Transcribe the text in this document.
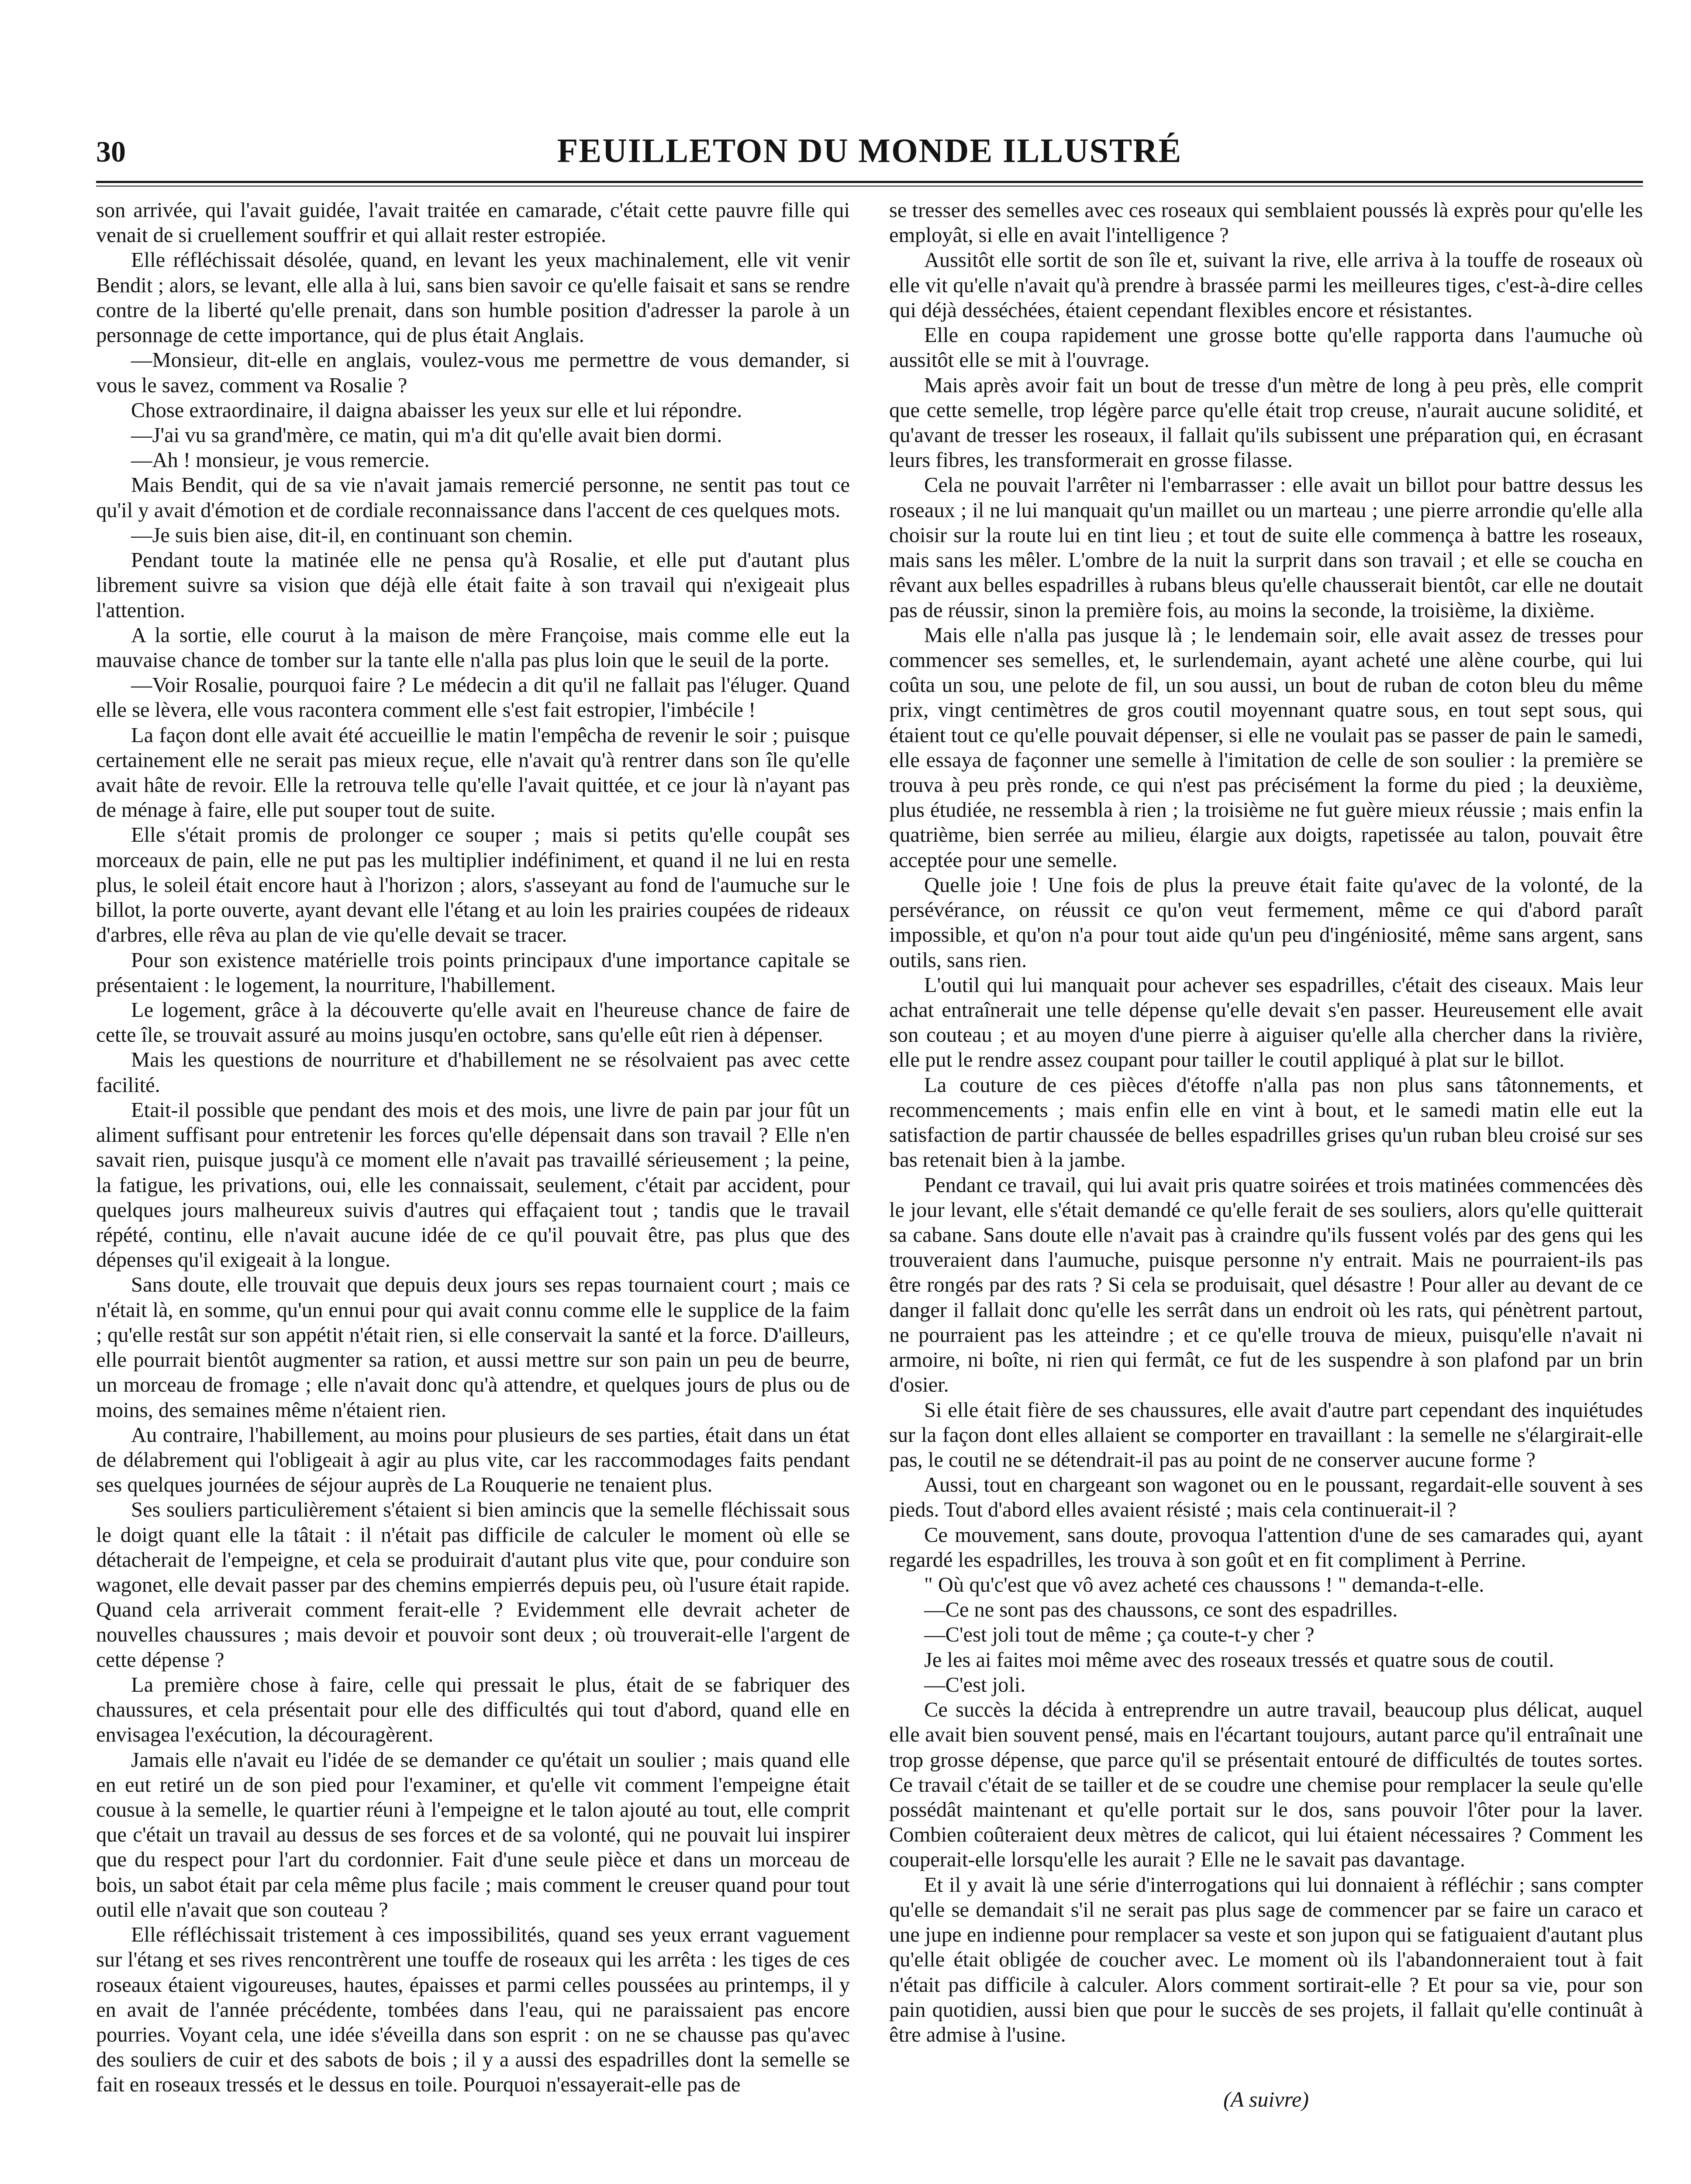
30	FEUILLETON DU MONDE ILLUSTRÉ

son arrivée, qui l'avait guidée, l'avait traitée en camarade, c'était cette pauvre fille qui venait de si cruellement souffrir et qui allait rester estropiée.

Elle réfléchissait désolée, quand, en levant les yeux machinalement, elle vit venir Bendit ; alors, se levant, elle alla à lui, sans bien savoir ce qu'elle faisait et sans se rendre contre de la liberté qu'elle prenait, dans son humble position d'adresser la parole à un personnage de cette importance, qui de plus était Anglais.

—Monsieur, dit-elle en anglais, voulez-vous me permettre de vous demander, si vous le savez, comment va Rosalie ?

Chose extraordinaire, il daigna abaisser les yeux sur elle et lui répondre.

—J'ai vu sa grand'mère, ce matin, qui m'a dit qu'elle avait bien dormi.

—Ah ! monsieur, je vous remercie.

Mais Bendit, qui de sa vie n'avait jamais remercié personne, ne sentit pas tout ce qu'il y avait d'émotion et de cordiale reconnaissance dans l'accent de ces quelques mots.

—Je suis bien aise, dit-il, en continuant son chemin.

Pendant toute la matinée elle ne pensa qu'à Rosalie, et elle put d'autant plus librement suivre sa vision que déjà elle était faite à son travail qui n'exigeait plus l'attention.

A la sortie, elle courut à la maison de mère Françoise, mais comme elle eut la mauvaise chance de tomber sur la tante elle n'alla pas plus loin que le seuil de la porte.

—Voir Rosalie, pourquoi faire ? Le médecin a dit qu'il ne fallait pas l'éluger. Quand elle se lèvera, elle vous racontera comment elle s'est fait estropier, l'imbécile !

La façon dont elle avait été accueillie le matin l'empêcha de revenir le soir ; puisque certainement elle ne serait pas mieux reçue, elle n'avait qu'à rentrer dans son île qu'elle avait hâte de revoir. Elle la retrouva telle qu'elle l'avait quittée, et ce jour là n'ayant pas de ménage à faire, elle put souper tout de suite.

Elle s'était promis de prolonger ce souper ; mais si petits qu'elle coupât ses morceaux de pain, elle ne put pas les multiplier indéfiniment, et quand il ne lui en resta plus, le soleil était encore haut à l'horizon ; alors, s'asseyant au fond de l'aumuche sur le billot, la porte ouverte, ayant devant elle l'étang et au loin les prairies coupées de rideaux d'arbres, elle rêva au plan de vie qu'elle devait se tracer.

Pour son existence matérielle trois points principaux d'une importance capitale se présentaient : le logement, la nourriture, l'habillement.

Le logement, grâce à la découverte qu'elle avait en l'heureuse chance de faire de cette île, se trouvait assuré au moins jusqu'en octobre, sans qu'elle eût rien à dépenser.

Mais les questions de nourriture et d'habillement ne se résolvaient pas avec cette facilité.

Etait-il possible que pendant des mois et des mois, une livre de pain par jour fût un aliment suffisant pour entretenir les forces qu'elle dépensait dans son travail ? Elle n'en savait rien, puisque jusqu'à ce moment elle n'avait pas travaillé sérieusement ; la peine, la fatigue, les privations, oui, elle les connaissait, seulement, c'était par accident, pour quelques jours malheureux suivis d'autres qui effaçaient tout ; tandis que le travail répété, continu, elle n'avait aucune idée de ce qu'il pouvait être, pas plus que des dépenses qu'il exigeait à la longue.

Sans doute, elle trouvait que depuis deux jours ses repas tournaient court ; mais ce n'était là, en somme, qu'un ennui pour qui avait connu comme elle le supplice de la faim ; qu'elle restât sur son appétit n'était rien, si elle conservait la santé et la force. D'ailleurs, elle pourrait bientôt augmenter sa ration, et aussi mettre sur son pain un peu de beurre, un morceau de fromage ; elle n'avait donc qu'à attendre, et quelques jours de plus ou de moins, des semaines même n'étaient rien.

Au contraire, l'habillement, au moins pour plusieurs de ses parties, était dans un état de délabrement qui l'obligeait à agir au plus vite, car les raccommodages faits pendant ses quelques journées de séjour auprès de La Rouquerie ne tenaient plus.

Ses souliers particulièrement s'étaient si bien amincis que la semelle fléchissait sous le doigt quant elle la tâtait : il n'était pas difficile de calculer le moment où elle se détacherait de l'empeigne, et cela se produirait d'autant plus vite que, pour conduire son wagonet, elle devait passer par des chemins empierrés depuis peu, où l'usure était rapide. Quand cela arriverait comment ferait-elle ? Evidemment elle devrait acheter de nouvelles chaussures ; mais devoir et pouvoir sont deux ; où trouverait-elle l'argent de cette dépense ?

La première chose à faire, celle qui pressait le plus, était de se fabriquer des chaussures, et cela présentait pour elle des difficultés qui tout d'abord, quand elle en envisagea l'exécution, la découragèrent.

Jamais elle n'avait eu l'idée de se demander ce qu'était un soulier ; mais quand elle en eut retiré un de son pied pour l'examiner, et qu'elle vit comment l'empeigne était cousue à la semelle, le quartier réuni à l'empeigne et le talon ajouté au tout, elle comprit que c'était un travail au dessus de ses forces et de sa volonté, qui ne pouvait lui inspirer que du respect pour l'art du cordonnier. Fait d'une seule pièce et dans un morceau de bois, un sabot était par cela même plus facile ; mais comment le creuser quand pour tout outil elle n'avait que son couteau ?

Elle réfléchissait tristement à ces impossibilités, quand ses yeux errant vaguement sur l'étang et ses rives rencontrèrent une touffe de roseaux qui les arrêta : les tiges de ces roseaux étaient vigoureuses, hautes, épaisses et parmi celles poussées au printemps, il y en avait de l'année précédente, tombées dans l'eau, qui ne paraissaient pas encore pourries. Voyant cela, une idée s'éveilla dans son esprit : on ne se chausse pas qu'avec des souliers de cuir et des sabots de bois ; il y a aussi des espadrilles dont la semelle se fait en roseaux tressés et le dessus en toile. Pourquoi n'essayerait-elle pas de

se tresser des semelles avec ces roseaux qui semblaient poussés là exprès pour qu'elle les employât, si elle en avait l'intelligence ?

Aussitôt elle sortit de son île et, suivant la rive, elle arriva à la touffe de roseaux où elle vit qu'elle n'avait qu'à prendre à brassée parmi les meilleures tiges, c'est-à-dire celles qui déjà desséchées, étaient cependant flexibles encore et résistantes.

Elle en coupa rapidement une grosse botte qu'elle rapporta dans l'aumuche où aussitôt elle se mit à l'ouvrage.

Mais après avoir fait un bout de tresse d'un mètre de long à peu près, elle comprit que cette semelle, trop légère parce qu'elle était trop creuse, n'aurait aucune solidité, et qu'avant de tresser les roseaux, il fallait qu'ils subissent une préparation qui, en écrasant leurs fibres, les transformerait en grosse filasse.

Cela ne pouvait l'arrêter ni l'embarrasser : elle avait un billot pour battre dessus les roseaux ; il ne lui manquait qu'un maillet ou un marteau ; une pierre arrondie qu'elle alla choisir sur la route lui en tint lieu ; et tout de suite elle commença à battre les roseaux, mais sans les mêler. L'ombre de la nuit la surprit dans son travail ; et elle se coucha en rêvant aux belles espadrilles à rubans bleus qu'elle chausserait bientôt, car elle ne doutait pas de réussir, sinon la première fois, au moins la seconde, la troisième, la dixième.

Mais elle n'alla pas jusque là ; le lendemain soir, elle avait assez de tresses pour commencer ses semelles, et, le surlendemain, ayant acheté une alène courbe, qui lui coûta un sou, une pelote de fil, un sou aussi, un bout de ruban de coton bleu du même prix, vingt centimètres de gros coutil moyennant quatre sous, en tout sept sous, qui étaient tout ce qu'elle pouvait dépenser, si elle ne voulait pas se passer de pain le samedi, elle essaya de façonner une semelle à l'imitation de celle de son soulier : la première se trouva à peu près ronde, ce qui n'est pas précisément la forme du pied ; la deuxième, plus étudiée, ne ressembla à rien ; la troisième ne fut guère mieux réussie ; mais enfin la quatrième, bien serrée au milieu, élargie aux doigts, rapetissée au talon, pouvait être acceptée pour une semelle.

Quelle joie ! Une fois de plus la preuve était faite qu'avec de la volonté, de la persévérance, on réussit ce qu'on veut fermement, même ce qui d'abord paraît impossible, et qu'on n'a pour tout aide qu'un peu d'ingéniosité, même sans argent, sans outils, sans rien.

L'outil qui lui manquait pour achever ses espadrilles, c'était des ciseaux. Mais leur achat entraînerait une telle dépense qu'elle devait s'en passer. Heureusement elle avait son couteau ; et au moyen d'une pierre à aiguiser qu'elle alla chercher dans la rivière, elle put le rendre assez coupant pour tailler le coutil appliqué à plat sur le billot.

La couture de ces pièces d'étoffe n'alla pas non plus sans tâtonnements, et recommencements ; mais enfin elle en vint à bout, et le samedi matin elle eut la satisfaction de partir chaussée de belles espadrilles grises qu'un ruban bleu croisé sur ses bas retenait bien à la jambe.

Pendant ce travail, qui lui avait pris quatre soirées et trois matinées commencées dès le jour levant, elle s'était demandé ce qu'elle ferait de ses souliers, alors qu'elle quitterait sa cabane. Sans doute elle n'avait pas à craindre qu'ils fussent volés par des gens qui les trouveraient dans l'aumuche, puisque personne n'y entrait. Mais ne pourraient-ils pas être rongés par des rats ? Si cela se produisait, quel désastre ! Pour aller au devant de ce danger il fallait donc qu'elle les serrât dans un endroit où les rats, qui pénètrent partout, ne pourraient pas les atteindre ; et ce qu'elle trouva de mieux, puisqu'elle n'avait ni armoire, ni boîte, ni rien qui fermât, ce fut de les suspendre à son plafond par un brin d'osier.

Si elle était fière de ses chaussures, elle avait d'autre part cependant des inquiétudes sur la façon dont elles allaient se comporter en travaillant : la semelle ne s'élargirait-elle pas, le coutil ne se détendrait-il pas au point de ne conserver aucune forme ?

Aussi, tout en chargeant son wagonet ou en le poussant, regardait-elle souvent à ses pieds. Tout d'abord elles avaient résisté ; mais cela continuerait-il ?

Ce mouvement, sans doute, provoqua l'attention d'une de ses camarades qui, ayant regardé les espadrilles, les trouva à son goût et en fit compliment à Perrine.

" Où qu'c'est que vô avez acheté ces chaussons ! " demanda-t-elle.

—Ce ne sont pas des chaussons, ce sont des espadrilles.

—C'est joli tout de même ; ça coute-t-y cher ?

Je les ai faites moi même avec des roseaux tressés et quatre sous de coutil.

—C'est joli.

Ce succès la décida à entreprendre un autre travail, beaucoup plus délicat, auquel elle avait bien souvent pensé, mais en l'écartant toujours, autant parce qu'il entraînait une trop grosse dépense, que parce qu'il se présentait entouré de difficultés de toutes sortes. Ce travail c'était de se tailler et de se coudre une chemise pour remplacer la seule qu'elle possédât maintenant et qu'elle portait sur le dos, sans pouvoir l'ôter pour la laver. Combien coûteraient deux mètres de calicot, qui lui étaient nécessaires ? Comment les couperait-elle lorsqu'elle les aurait ? Elle ne le savait pas davantage.

Et il y avait là une série d'interrogations qui lui donnaient à réfléchir ; sans compter qu'elle se demandait s'il ne serait pas plus sage de commencer par se faire un caraco et une jupe en indienne pour remplacer sa veste et son jupon qui se fatiguaient d'autant plus qu'elle était obligée de coucher avec. Le moment où ils l'abandonneraient tout à fait n'était pas difficile à calculer. Alors comment sortirait-elle ? Et pour sa vie, pour son pain quotidien, aussi bien que pour le succès de ses projets, il fallait qu'elle continuât à être admise à l'usine.

(A suivre)
